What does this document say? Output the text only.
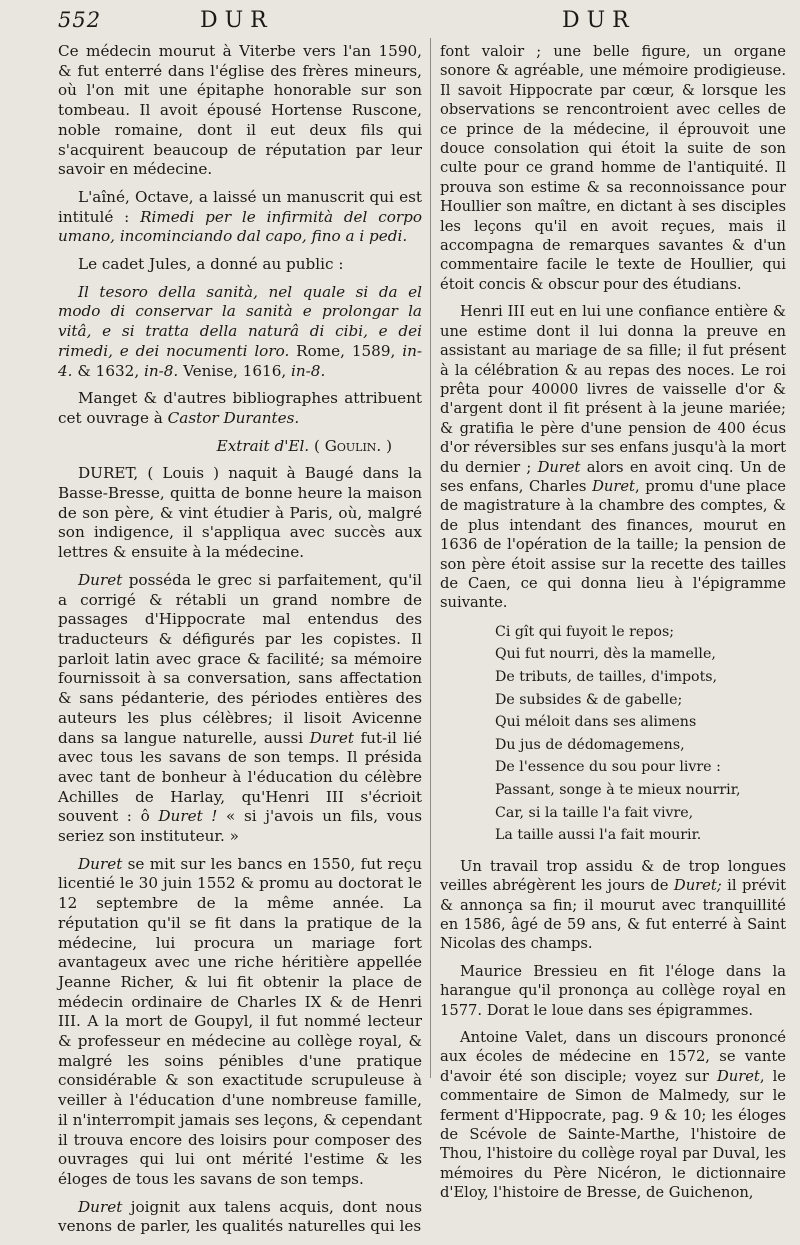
552	DUR	DUR

Ce médecin mourut à Viterbe vers l'an 1590, & fut enterré dans l'église des frères mineurs, où l'on mit une épitaphe honorable sur son tombeau. Il avoit épousé Hortense Ruscone, noble romaine, dont il eut deux fils qui s'acquirent beaucoup de réputation par leur savoir en médecine.

L'aîné, Octave, a laissé un manuscrit qui est intitulé : Rimedi per le infirmità del corpo umano, incominciando dal capo, fino a i pedi.

Le cadet Jules, a donné au public :

Il tesoro della sanità, nel quale si da el modo di conservar la sanità e prolongar la vitâ, e si tratta della naturâ di cibi, e dei rimedi, e dei nocumenti loro. Rome, 1589, in-4. & 1632, in-8. Venise, 1616, in-8.

Manget & d'autres bibliographes attribuent cet ouvrage à Castor Durantes.

Extrait d'El. ( Goulin. )

DURET, ( Louis ) naquit à Baugé dans la Basse-Bresse, quitta de bonne heure la maison de son père, & vint étudier à Paris, où, malgré son indigence, il s'appliqua avec succès aux lettres & ensuite à la médecine.

Duret posséda le grec si parfaitement, qu'il a corrigé & rétabli un grand nombre de passages d'Hippocrate mal entendus des traducteurs & défigurés par les copistes. Il parloit latin avec grace & facilité; sa mémoire fournissoit à sa conversation, sans affectation & sans pédanterie, des périodes entières des auteurs les plus célèbres; il lisoit Avicenne dans sa langue naturelle, aussi Duret fut-il lié avec tous les savans de son temps. Il présida avec tant de bonheur à l'éducation du célèbre Achilles de Harlay, qu'Henri III s'écrioit souvent : ô Duret ! « si j'avois un fils, vous seriez son instituteur. »

Duret se mit sur les bancs en 1550, fut reçu licentié le 30 juin 1552 & promu au doctorat le 12 septembre de la même année. La réputation qu'il se fit dans la pratique de la médecine, lui procura un mariage fort avantageux avec une riche héritière appellée Jeanne Richer, & lui fit obtenir la place de médecin ordinaire de Charles IX & de Henri III. A la mort de Goupyl, il fut nommé lecteur & professeur en médecine au collège royal, & malgré les soins pénibles d'une pratique considérable & son exactitude scrupuleuse à veiller à l'éducation d'une nombreuse famille, il n'interrompit jamais ses leçons, & cependant il trouva encore des loisirs pour composer des ouvrages qui lui ont mérité l'estime & les éloges de tous les savans de son temps.

Duret joignit aux talens acquis, dont nous venons de parler, les qualités naturelles qui les

font valoir ; une belle figure, un organe sonore & agréable, une mémoire prodigieuse. Il savoit Hippocrate par cœur, & lorsque les observations se rencontroient avec celles de ce prince de la médecine, il éprouvoit une douce consolation qui étoit la suite de son culte pour ce grand homme de l'antiquité. Il prouva son estime & sa reconnoissance pour Houllier son maître, en dictant à ses disciples les leçons qu'il en avoit reçues, mais il accompagna de remarques savantes & d'un commentaire facile le texte de Houllier, qui étoit concis & obscur pour des étudians.

Henri III eut en lui une confiance entière & une estime dont il lui donna la preuve en assistant au mariage de sa fille; il fut présent à la célébration & au repas des noces. Le roi prêta pour 40000 livres de vaisselle d'or & d'argent dont il fit présent à la jeune mariée; & gratifia le père d'une pension de 400 écus d'or réversibles sur ses enfans jusqu'à la mort du dernier ; Duret alors en avoit cinq. Un de ses enfans, Charles Duret, promu d'une place de magistrature à la chambre des comptes, & de plus intendant des finances, mourut en 1636 de l'opération de la taille; la pension de son père étoit assise sur la recette des tailles de Caen, ce qui donna lieu à l'épigramme suivante.

Ci gît qui fuyoit le repos;
Qui fut nourri, dès la mamelle,
De tributs, de tailles, d'impots,
De subsides & de gabelle;
Qui méloit dans ses alimens
Du jus de dédomagemens,
De l'essence du sou pour livre :
Passant, songe à te mieux nourrir,
Car, si la taille l'a fait vivre,
La taille aussi l'a fait mourir.

Un travail trop assidu & de trop longues veilles abrégèrent les jours de Duret; il prévit & annonça sa fin; il mourut avec tranquillité en 1586, âgé de 59 ans, & fut enterré à Saint Nicolas des champs.

Maurice Bressieu en fit l'éloge dans la harangue qu'il prononça au collège royal en 1577. Dorat le loue dans ses épigrammes.

Antoine Valet, dans un discours prononcé aux écoles de médecine en 1572, se vante d'avoir été son disciple; voyez sur Duret, le commentaire de Simon de Malmedy, sur le ferment d'Hippocrate, pag. 9 & 10; les éloges de Scévole de Sainte-Marthe, l'histoire de Thou, l'histoire du collège royal par Duval, les mémoires du Père Nicéron, le dictionnaire d'Eloy, l'histoire de Bresse, de Guichenon,
